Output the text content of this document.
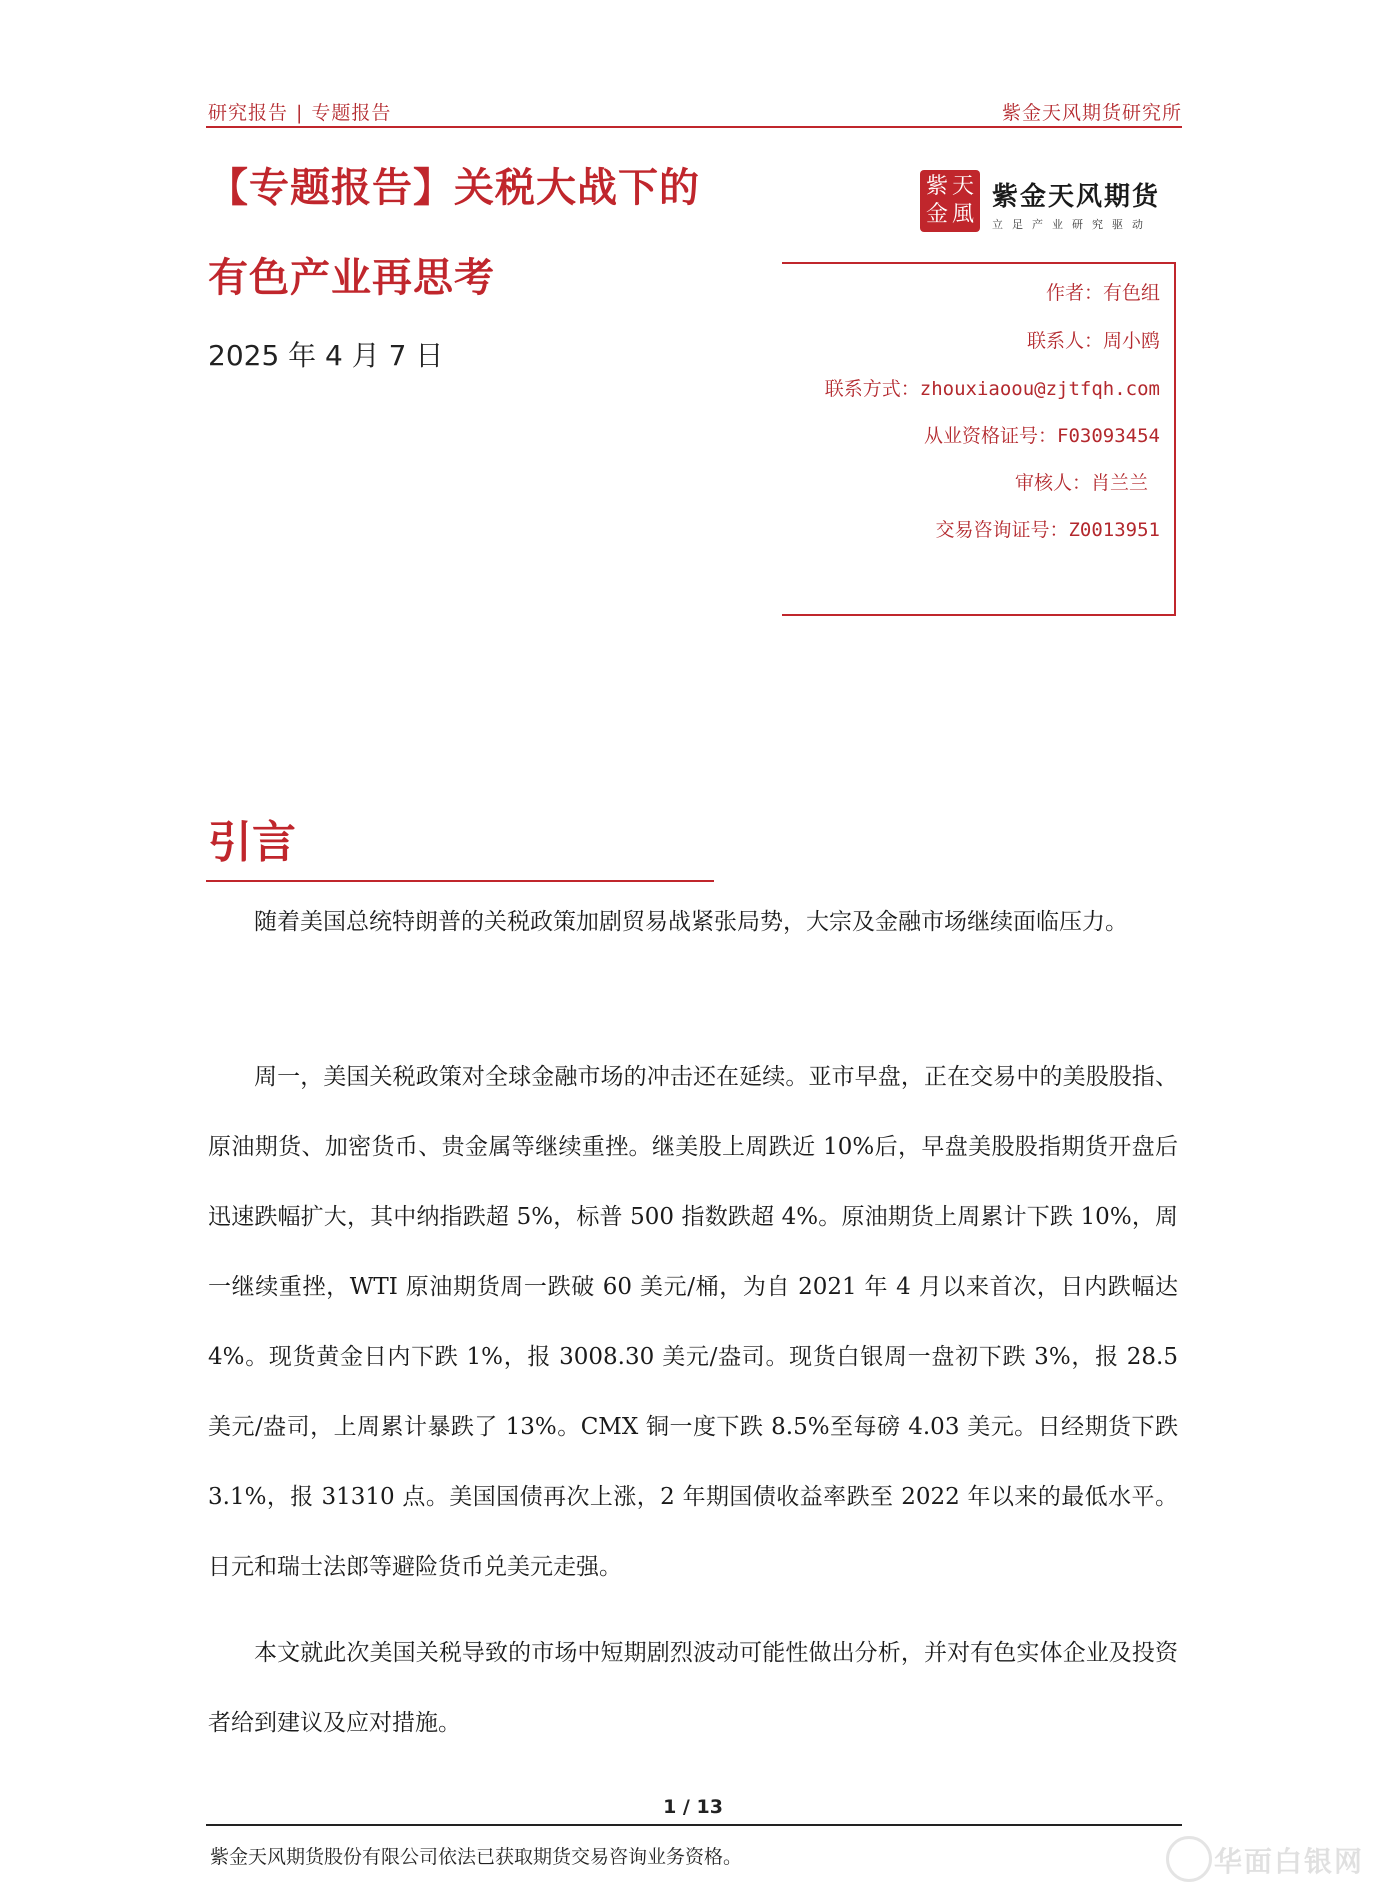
研究报告 | 专题报告	紫金天风期货研究所
【专题报告】关税大战下的
有色产业再思考
2025 年 4 月 7 日
紫 天
金 風
紫金天风期货
立足产业研究驱动
作者：有色组
联系人：周小鸥
联系方式：zhouxiaoou@zjtfqh.com
从业资格证号：F03093454
审核人：肖兰兰
交易咨询证号：Z0013951
引言

随着美国总统特朗普的关税政策加剧贸易战紧张局势，大宗及金融市场继续面临压力。

周一，美国关税政策对全球金融市场的冲击还在延续。亚市早盘，正在交易中的美股股指、原油期货、加密货币、贵金属等继续重挫。继美股上周跌近 10%后，早盘美股股指期货开盘后迅速跌幅扩大，其中纳指跌超 5%，标普 500 指数跌超 4%。原油期货上周累计下跌 10%，周一继续重挫，WTI 原油期货周一跌破 60 美元/桶，为自 2021 年 4 月以来首次，日内跌幅达 4%。现货黄金日内下跌 1%，报 3008.30 美元/盎司。现货白银周一盘初下跌 3%，报 28.5 美元/盎司，上周累计暴跌了 13%。CMX 铜一度下跌 8.5%至每磅 4.03 美元。日经期货下跌 3.1%，报 31310 点。美国国债再次上涨，2 年期国债收益率跌至 2022 年以来的最低水平。日元和瑞士法郎等避险货币兑美元走强。

本文就此次美国关税导致的市场中短期剧烈波动可能性做出分析，并对有色实体企业及投资者给到建议及应对措施。

1 / 13
紫金天风期货股份有限公司依法已获取期货交易咨询业务资格。	华面白银网
